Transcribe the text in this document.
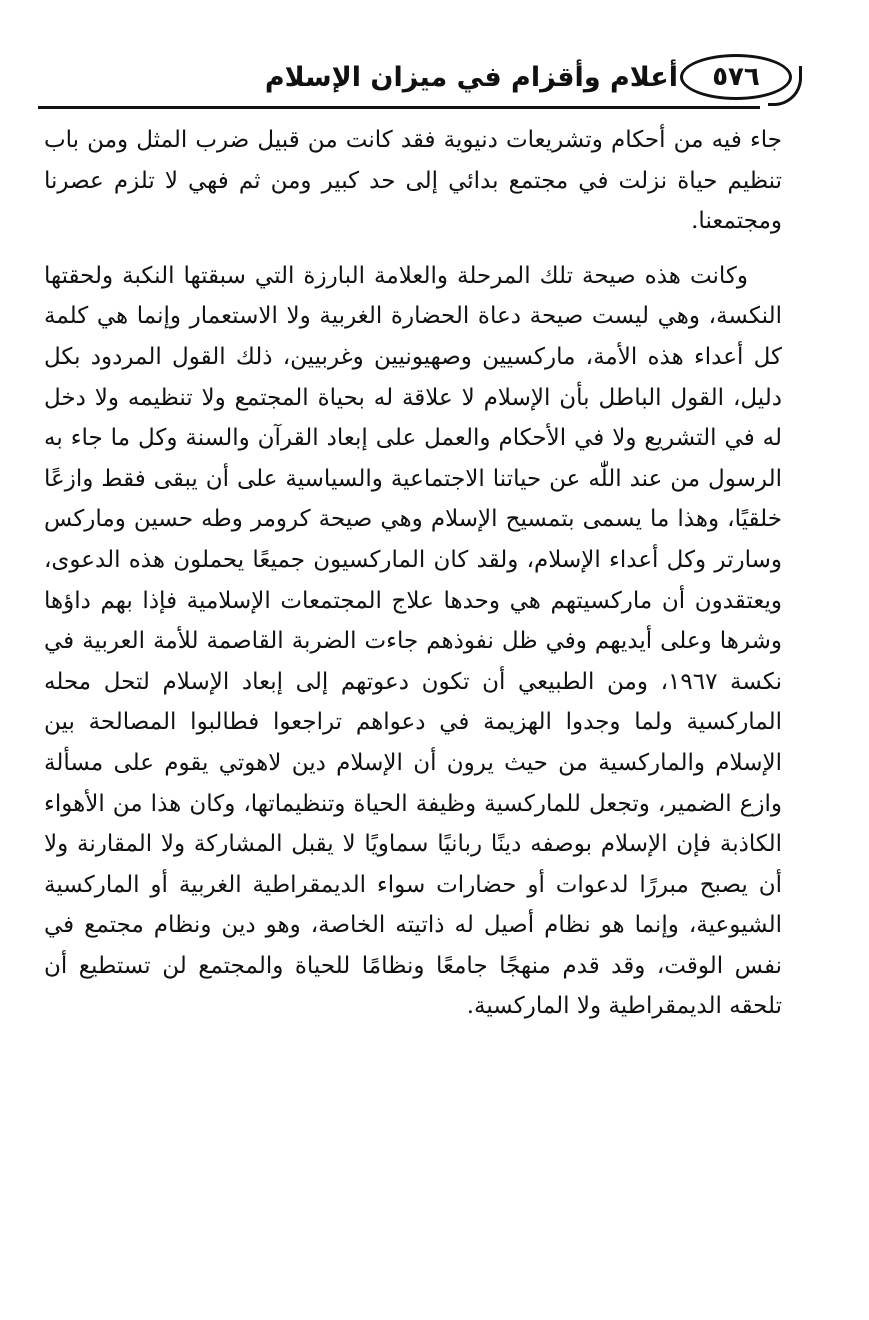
أعلام وأقزام في ميزان الإسلام	٥٧٦

جاء فيه من أحكام وتشريعات دنيوية فقد كانت من قبيل ضرب المثل ومن باب تنظيم حياة نزلت في مجتمع بدائي إلى حد كبير ومن ثم فهي لا تلزم عصرنا ومجتمعنا.

وكانت هذه صيحة تلك المرحلة والعلامة البارزة التي سبقتها النكبة ولحقتها النكسة، وهي ليست صيحة دعاة الحضارة الغربية ولا الاستعمار وإنما هي كلمة كل أعداء هذه الأمة، ماركسيين وصهيونيين وغربيين، ذلك القول المردود بكل دليل، القول الباطل بأن الإسلام لا علاقة له بحياة المجتمع ولا تنظيمه ولا دخل له في التشريع ولا في الأحكام والعمل على إبعاد القرآن والسنة وكل ما جاء به الرسول من عند اللّٰه عن حياتنا الاجتماعية والسياسية على أن يبقى فقط وازعًا خلقيًا، وهذا ما يسمى بتمسيح الإسلام وهي صيحة كرومر وطه حسين وماركس وسارتر وكل أعداء الإسلام، ولقد كان الماركسيون جميعًا يحملون هذه الدعوى، ويعتقدون أن ماركسيتهم هي وحدها علاج المجتمعات الإسلامية فإذا بهم داؤها وشرها وعلى أيديهم وفي ظل نفوذهم جاءت الضربة القاصمة للأمة العربية في نكسة ١٩٦٧، ومن الطبيعي أن تكون دعوتهم إلى إبعاد الإسلام لتحل محله الماركسية ولما وجدوا الهزيمة في دعواهم تراجعوا فطالبوا المصالحة بين الإسلام والماركسية من حيث يرون أن الإسلام دين لاهوتي يقوم على مسألة وازع الضمير، وتجعل للماركسية وظيفة الحياة وتنظيماتها، وكان هذا من الأهواء الكاذبة فإن الإسلام بوصفه دينًا ربانيًا سماويًا لا يقبل المشاركة ولا المقارنة ولا أن يصبح مبررًا لدعوات أو حضارات سواء الديمقراطية الغربية أو الماركسية الشيوعية، وإنما هو نظام أصيل له ذاتيته الخاصة، وهو دين ونظام مجتمع في نفس الوقت، وقد قدم منهجًا جامعًا ونظامًا للحياة والمجتمع لن تستطيع أن تلحقه الديمقراطية ولا الماركسية.
